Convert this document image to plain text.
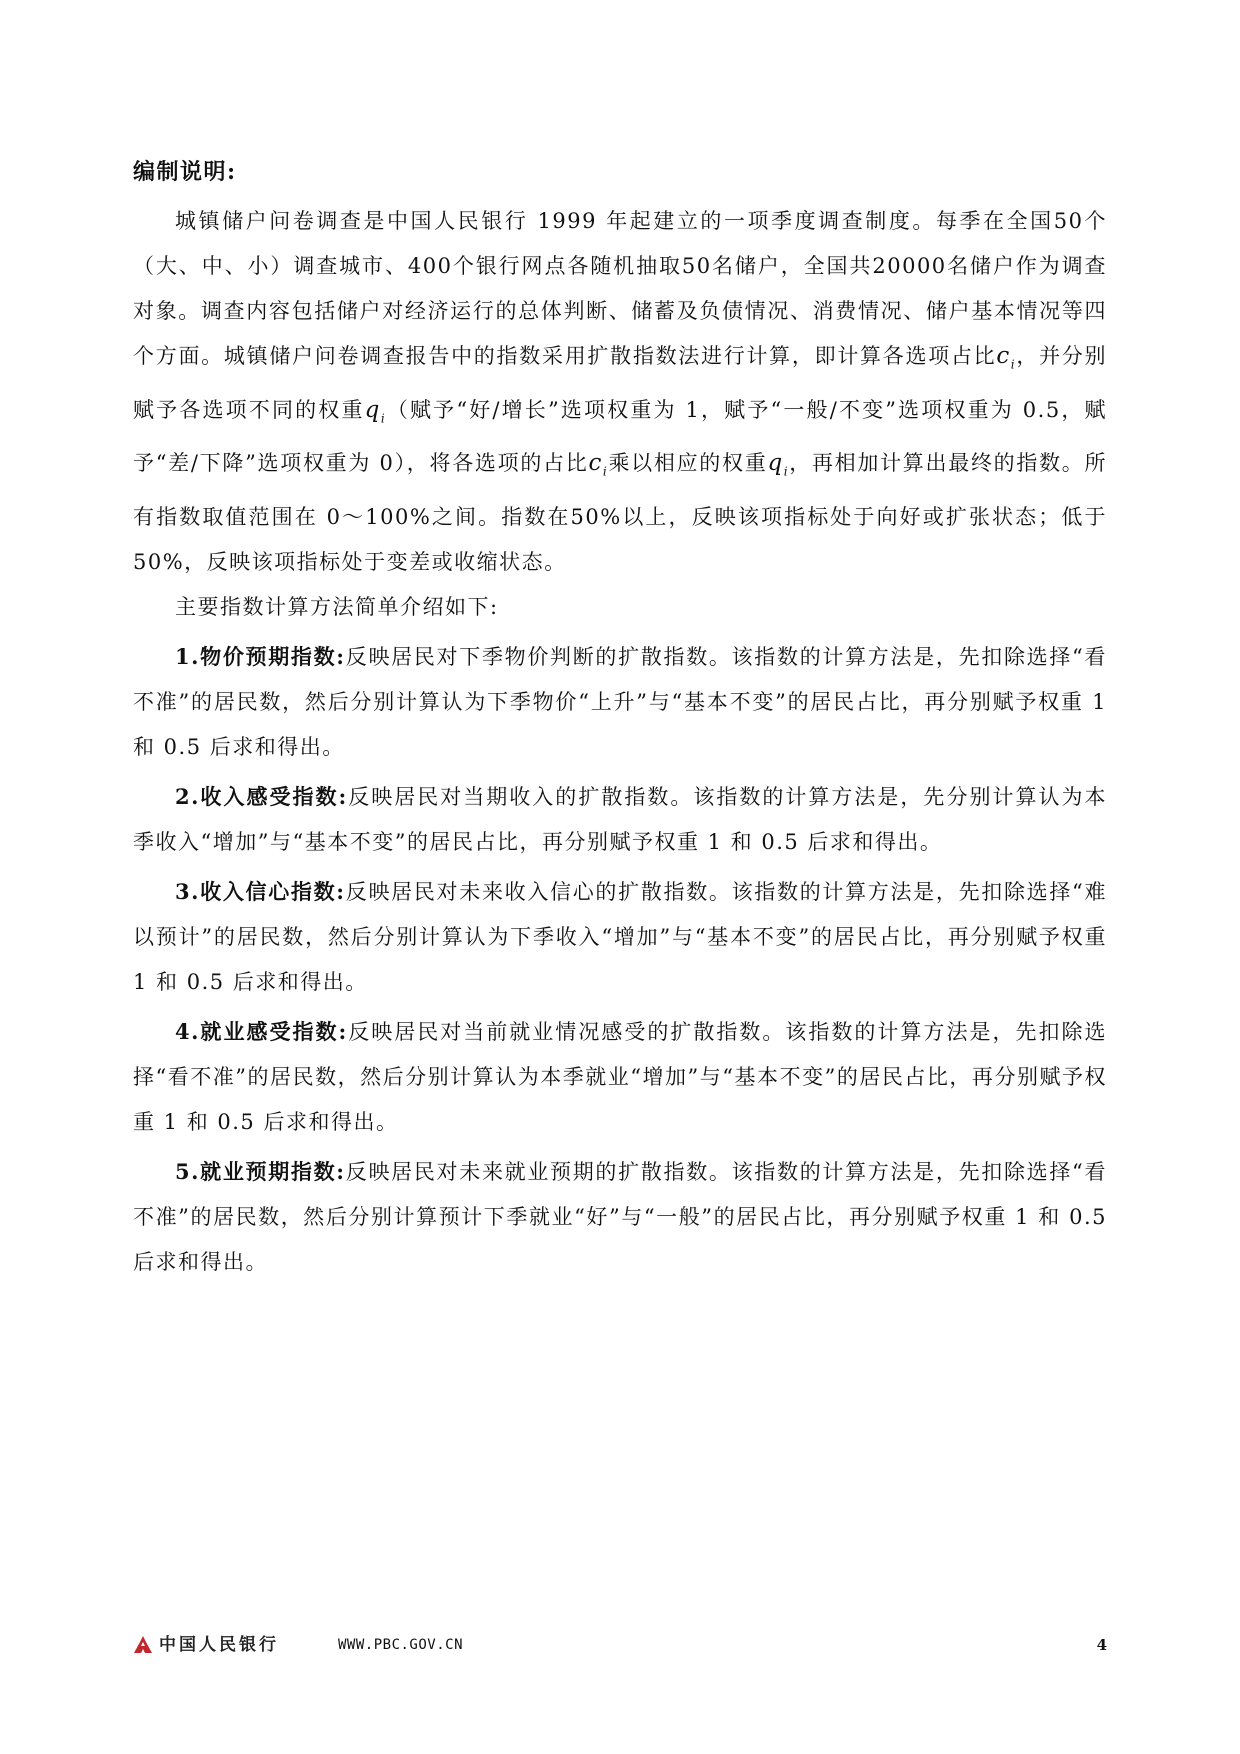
编制说明:

城镇储户问卷调查是中国人民银行 1999 年起建立的一项季度调查制度。每季在全国50个（大、中、小）调查城市、400个银行网点各随机抽取50名储户，全国共20000名储户作为调查对象。调查内容包括储户对经济运行的总体判断、储蓄及负债情况、消费情况、储户基本情况等四个方面。城镇储户问卷调查报告中的指数采用扩散指数法进行计算，即计算各选项占比$c_i$，并分别赋予各选项不同的权重$q_i$（赋予“好/增长”选项权重为 1，赋予“一般/不变”选项权重为 0.5，赋予“差/下降”选项权重为 0），将各选项的占比$c_i$乘以相应的权重$q_i$，再相加计算出最终的指数。所有指数取值范围在 0～100%之间。指数在50%以上，反映该项指标处于向好或扩张状态；低于 50%，反映该项指标处于变差或收缩状态。

主要指数计算方法简单介绍如下:

1.物价预期指数:反映居民对下季物价判断的扩散指数。该指数的计算方法是，先扣除选择“看不准”的居民数，然后分别计算认为下季物价“上升”与“基本不变”的居民占比，再分别赋予权重 1 和 0.5 后求和得出。

2.收入感受指数:反映居民对当期收入的扩散指数。该指数的计算方法是，先分别计算认为本季收入“增加”与“基本不变”的居民占比，再分别赋予权重 1 和 0.5 后求和得出。

3.收入信心指数:反映居民对未来收入信心的扩散指数。该指数的计算方法是，先扣除选择“难以预计”的居民数，然后分别计算认为下季收入“增加”与“基本不变”的居民占比，再分别赋予权重 1 和 0.5 后求和得出。

4.就业感受指数:反映居民对当前就业情况感受的扩散指数。该指数的计算方法是，先扣除选择“看不准”的居民数，然后分别计算认为本季就业“增加”与“基本不变”的居民占比，再分别赋予权重 1 和 0.5 后求和得出。

5.就业预期指数:反映居民对未来就业预期的扩散指数。该指数的计算方法是，先扣除选择“看不准”的居民数，然后分别计算预计下季就业“好”与“一般”的居民占比，再分别赋予权重 1 和 0.5 后求和得出。

中国人民银行	WWW.PBC.GOV.CN	4
